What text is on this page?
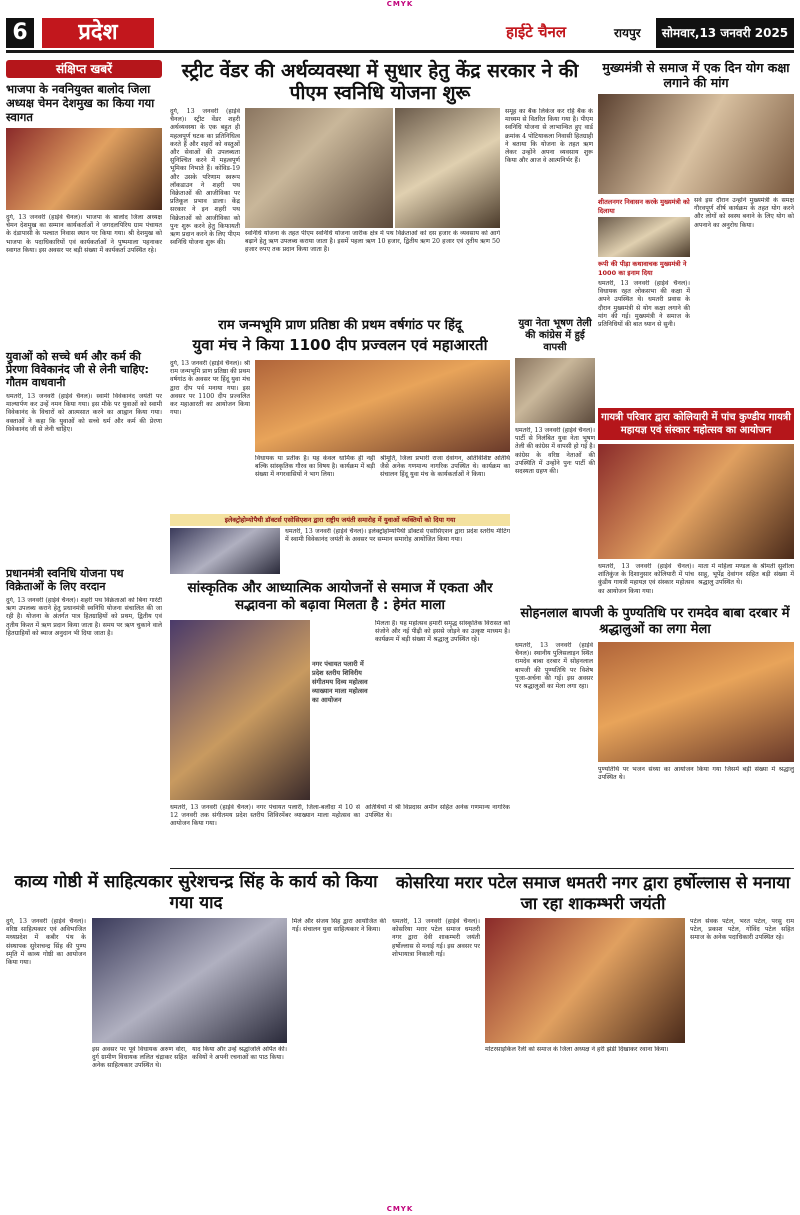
CMYK
6	प्रदेश	हाईटे चैनल	रायपुर	सोमवार,13 जनवरी 2025
संक्षिप्त खबरें
भाजपा के नवनियुक्त बालोद जिला अध्यक्ष चेमन देशमुख का किया गया स्वागत
दुर्ग, 13 जनवरी (हाईवे चैनल)। भाजपा के बालोद जिला अध्यक्ष चेमन देशमुख का सम्मान कार्यकर्ताओं ने जगदलपिरिय ग्राम पंचायत के दंडापासी के पश्चात निवास स्थान पर किया गया। श्री देशमुख को भाजपा के पदाधिकारियों एवं कार्यकर्ताओं ने पुष्पमाला पहनाकर स्वागत किया। इस अवसर पर बड़ी संख्या में कार्यकर्ता उपस्थित रहे।
युवाओं को सच्चे धर्म और कर्म की प्रेरणा विवेकानंद जी से लेनी चाहिए: गौतम वाधवानी
धमतरी, 13 जनवरी (हाईवे चैनल)। स्वामी विवेकानंद जयंती पर माल्यार्पण कर उन्हें नमन किया गया। इस मौके पर युवाओं को स्वामी विवेकानंद के विचारों को आत्मसात करने का आह्वान किया गया। वक्ताओं ने कहा कि युवाओं को सच्चे धर्म और कर्म की प्रेरणा विवेकानंद जी से लेनी चाहिए।
प्रधानमंत्री स्वनिधि योजना पथ विक्रेताओं के लिए वरदान
दुर्ग, 13 जनवरी (हाईवे चैनल)। शहरी पथ विक्रेताओं को बिना गारंटी ऋण उपलब्ध कराने हेतु प्रधानमंत्री स्वनिधि योजना संचालित की जा रही है। योजना के अंतर्गत पात्र हितग्राहियों को प्रथम, द्वितीय एवं तृतीय किश्त में ऋण प्रदान किया जाता है। समय पर ऋण चुकाने वाले हितग्राहियों को ब्याज अनुदान भी दिया जाता है।
स्ट्रीट वेंडर की अर्थव्यवस्था में सुधार हेतु केंद्र सरकार ने की पीएम स्वनिधि योजना शुरू
दुर्ग, 13 जनवरी (हाईवे चैनल)। स्ट्रीट वेंडर शहरी अर्थव्यवस्था के एक बहुत ही महत्वपूर्ण घटक का प्रतिनिधित्व करते हैं और शहरों को वस्तुओं और सेवाओं की उपलब्धता सुनिश्चित करने में महत्वपूर्ण भूमिका निभाते हैं। कोविड-19 और उसके परिणाम स्वरूप लॉकडाउन ने शहरी पथ विक्रेताओं की आजीविका पर प्रतिकूल प्रभाव डाला। केंद्र सरकार ने इन शहरी पथ विक्रेताओं को आजीविका को पुनः शुरू करने हेतु किफायती ऋण प्रदान करने के लिए पीएम स्वनिधि योजना शुरू की।
स्वनिधि योजना के तहत पीएम स्वनिधि योजना जारीक क्षेत्र में पथ विक्रेताओं को दस हजार के व्यवसाय को आगे बढ़ाने हेतु ऋण उपलब्ध कराया जाता है। इसमें पहला ऋण 10 हजार, द्वितीय ऋण 20 हजार एवं तृतीय ऋण 50 हजार रुपए तक प्रदान किया जाता है।
समूह का बैंक लिंकेज कर रहि बैंक के माध्यम से वितरित किया गया है। पीएम स्वनिधि योजना से लाभान्वित हुए वार्ड क्रमांक 4 पोटियाकला निवासी हितग्राही ने बताया कि योजना के तहत ऋण लेकर उन्होंने अपना व्यवसाय शुरू किया और आज वे आत्मनिर्भर हैं।
मुख्यमंत्री से समाज में एक दिन योग कक्षा लगाने की मांग
शीतलनगर निवासन करके मुख्यमंत्री को दिलाया
रूपी की पीड़ा कथावाचक मुख्यमंत्री ने 1000 का इनाम दिया
धमतरी, 13 जनवरी (हाईवे चैनल)। विधायक रहत लोकसभा की कक्षा में अपने उपस्थित थे। धमतरी प्रवास के दौरान मुख्यमंत्री से योग कक्षा लगाने की मांग की गई। मुख्यमंत्री ने समाज के प्रतिनिधियों की बात ध्यान से सुनी।
सर्व इस दौरान उन्होंने मुख्यमंत्री के समक्ष गौरवपूर्ण शीर्ष कार्यक्रम के तहत योग करने और लोगों को स्वस्थ बनाने के लिए योग को अपनाने का अनुरोध किया।
राम जन्मभूमि प्राण प्रतिष्ठा की प्रथम वर्षगांठ पर हिंदू
युवा मंच ने किया 1100 दीप प्रज्वलन एवं महाआरती
दुर्ग, 13 जनवरी (हाईवे चैनल)। श्री राम जन्मभूमि प्राण प्रतिष्ठा की प्रथम वर्षगांठ के अवसर पर हिंदू युवा मंच द्वारा दीप पर्व मनाया गया। इस अवसर पर 1100 दीप प्रज्वलित कर महाआरती का आयोजन किया गया।
विधायक या प्रतीक है। यह केवल धार्मिक ही नहीं बल्कि सांस्कृतिक गौरव का विषय है। कार्यक्रम में बड़ी संख्या में नगरवासियों ने भाग लिया।
श्रीमूर्ति, जिला प्रभारी राजा देवांगन, अतिविशिष्ट अतिथि जैसे अनेक गणमान्य नागरिक उपस्थित थे। कार्यक्रम का संचालन हिंदू युवा मंच के कार्यकर्ताओं ने किया।
इलेक्ट्रोहोम्योपैथी डॉक्टर्स एसोसिएशन द्वारा राष्ट्रीय जयंती समारोह में युवाओं व्यक्तियों को दिया गया
धमतरी, 13 जनवरी (हाईवे चैनल)। इलेक्ट्रोहोम्योपैथी डॉक्टर्स एसोसिएशन द्वारा प्रदेश स्तरीय मीटिंग में स्वामी विवेकानंद जयंती के अवसर पर सम्मान समारोह आयोजित किया गया।
युवा नेता भूषण तेली की कांग्रेस में हुई वापसी
धमतरी, 13 जनवरी (हाईवे चैनल)। पार्टी से निलंबित युवा नेता भूषण तेली की कांग्रेस में वापसी हो गई है। कांग्रेस के वरिष्ठ नेताओं की उपस्थिति में उन्होंने पुनः पार्टी की सदस्यता ग्रहण की।
गायत्री परिवार द्वारा कोलियारी में पांच कुण्डीय गायत्री महायज्ञ एवं संस्कार महोत्सव का आयोजन
धमतरी, 13 जनवरी (हाईवे चैनल)। शांतिकुंज के दिशानुसार कोलियारी में पांच कुंडीय गायत्री महायज्ञ एवं संस्कार महोत्सव का आयोजन किया गया।
माता में महिला मण्डल के श्रीमती सुशीला साहू, भूपेंद्र देवांगन सहित बड़ी संख्या में श्रद्धालु उपस्थित थे।
सांस्कृतिक और आध्यात्मिक आयोजनों से समाज में एकता और सद्भावना को बढ़ावा मिलता है : हेमंत माला
नगर पंचायत पलारी में प्रदेश स्तरीय शिविरीय संगीतमय दिव्य महोत्सव व्याख्यान माला महोत्सव का आयोजन
मिलता है। यह महोत्सव हमारी समृद्ध सांस्कृतिक विरासत को संजोने और नई पीढ़ी को इससे जोड़ने का उत्कृष्ट माध्यम है। कार्यक्रम में बड़ी संख्या में श्रद्धालु उपस्थित रहे।
धमतरी, 13 जनवरी (हाईवे चैनल)। नगर पंचायत पलारी, जिला-बलौदा में 10 से 12 जनवरी तक संगीतमय प्रदेश स्तरीय शिविरमेंबर व्याख्यान माला महोत्सव का आयोजन किया गया।
अतिथियों में श्री विप्रदास अमीन सहित अनेक गणमान्य नागरिक उपस्थित थे।
सोहनलाल बापजी के पुण्यतिथि पर रामदेव बाबा दरबार में श्रद्धालुओं का लगा मेला
धमतरी, 13 जनवरी (हाईवे चैनल)। स्थानीय पुलिसलाइन स्थित रामदेव बाबा दरबार में सोहनलाल बापजी की पुण्यतिथि पर विशेष पूजा-अर्चना की गई। इस अवसर पर श्रद्धालुओं का मेला लगा रहा।
पुण्यतिथि पर भजन संध्या का आयोजन किया गया जिसमें बड़ी संख्या में श्रद्धालु उपस्थित थे।
काव्य गोष्ठी में साहित्यकार सुरेशचन्द्र सिंह के कार्य को किया गया याद
दुर्ग, 13 जनवरी (हाईवे चैनल)। वरिष्ठ साहित्यकार एवं अविभाजित मध्यप्रदेश में कबीर पंथ के संस्थापक सुरेशचन्द्र सिंह की पुण्य स्मृति में काव्य गोष्ठी का आयोजन किया गया।
इस अवसर पर पूर्व विधायक अरुण वोरा, दुर्ग ग्रामीण विधायक ललित चंद्राकर सहित अनेक साहित्यकार उपस्थित थे।
याद किया और उन्हें श्रद्धांजलि अर्पित की। कवियों ने अपनी रचनाओं का पाठ किया।
मिले और संजय सिंह द्वारा आयोजित की गई। संचालन युवा साहित्यकार ने किया।
कोसरिया मरार पटेल समाज धमतरी नगर द्वारा हर्षोल्लास से मनाया जा रहा शाकम्भरी जयंती
धमतरी, 13 जनवरी (हाईवे चैनल)। कोसरिया मरार पटेल समाज धमतरी नगर द्वारा देवी शाकम्भरी जयंती हर्षोल्लास से मनाई गई। इस अवसर पर शोभायात्रा निकाली गई।
मोटरसाइकिल रैली को समाज के जिला अध्यक्ष ने हरी झंडी दिखाकर रवाना किया।
पटेल सेवक पटेल, भरत पटेल, परसु राम पटेल, प्रकाश पटेल, गोविंद पटेल सहित समाज के अनेक पदाधिकारी उपस्थित रहे।
CMYK
